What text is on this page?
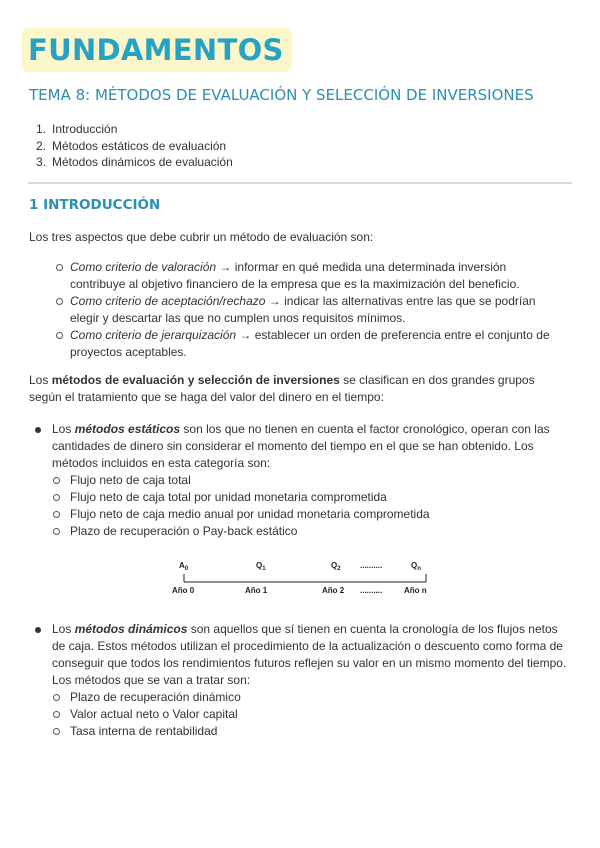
FUNDAMENTOS
TEMA 8: MÉTODOS DE EVALUACIÓN Y SELECCIÓN DE INVERSIONES
1. Introducción
2. Métodos estáticos de evaluación
3. Métodos dinámicos de evaluación
1 INTRODUCCIÓN
Los tres aspectos que debe cubrir un método de evaluación son:
Como criterio de valoración → informar en qué medida una determinada inversión contribuye al objetivo financiero de la empresa que es la maximización del beneficio.
Como criterio de aceptación/rechazo → indicar las alternativas entre las que se podrían elegir y descartar las que no cumplen unos requisitos mínimos.
Como criterio de jerarquización → establecer un orden de preferencia entre el conjunto de proyectos aceptables.
Los métodos de evaluación y selección de inversiones se clasifican en dos grandes grupos según el tratamiento que se haga del valor del dinero en el tiempo:
Los métodos estáticos son los que no tienen en cuenta el factor cronológico, operan con las cantidades de dinero sin considerar el momento del tiempo en el que se han obtenido. Los métodos incluidos en esta categoría son:
Flujo neto de caja total
Flujo neto de caja total por unidad monetaria comprometida
Flujo neto de caja medio anual por unidad monetaria comprometida
Plazo de recuperación o Pay-back estático
$A_0$	$Q_1$	$Q_2$ ..........	$Q_n$
Año 0	Año 1	Año 2 ..........	Año n
Los métodos dinámicos son aquellos que sí tienen en cuenta la cronología de los flujos netos de caja. Estos métodos utilizan el procedimiento de la actualización o descuento como forma de conseguir que todos los rendimientos futuros reflejen su valor en un mismo momento del tiempo. Los métodos que se van a tratar son:
Plazo de recuperación dinámico
Valor actual neto o Valor capital
Tasa interna de rentabilidad
